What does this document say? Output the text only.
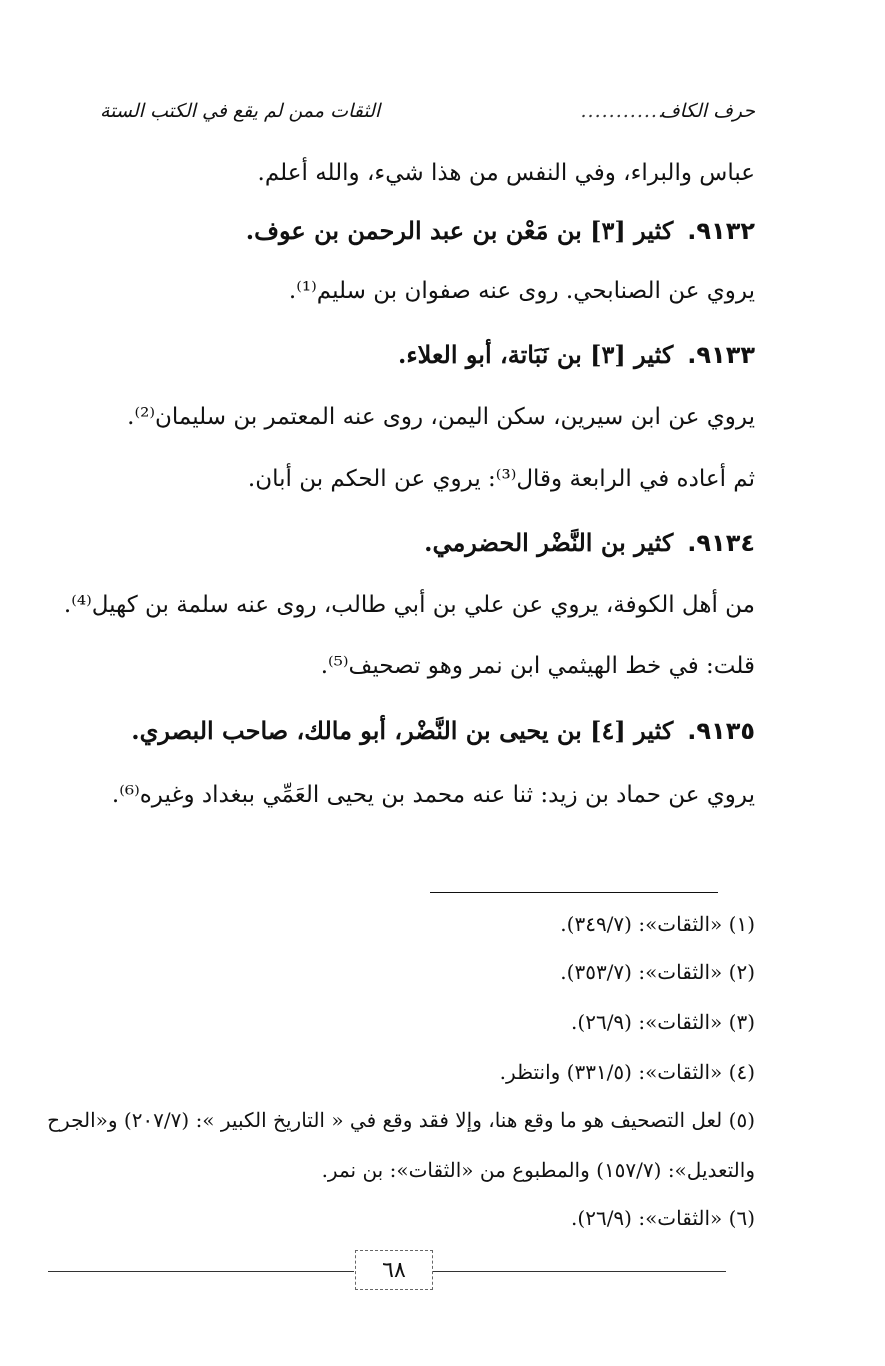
حرف الكاف
............
الثقات ممن لم يقع في الكتب الستة
عباس والبراء، وفي النفس من هذا شيء، والله أعلم.
٩١٣٢.كثير [٣] بن مَعْن بن عبد الرحمن بن عوف.
يروي عن الصنابحي. روى عنه صفوان بن سليم⁽¹⁾.
٩١٣٣.كثير [٣] بن نَبَاتة، أبو العلاء.
يروي عن ابن سيرين، سكن اليمن، روى عنه المعتمر بن سليمان⁽²⁾.
ثم أعاده في الرابعة وقال⁽³⁾: يروي عن الحكم بن أبان.
٩١٣٤.كثير بن النَّضْر الحضرمي.
من أهل الكوفة، يروي عن علي بن أبي طالب، روى عنه سلمة بن كهيل⁽⁴⁾.
قلت: في خط الهيثمي ابن نمر وهو تصحيف⁽⁵⁾.
٩١٣٥.كثير [٤] بن يحيى بن النَّضْر، أبو مالك، صاحب البصري.
يروي عن حماد بن زيد: ثنا عنه محمد بن يحيى العَمِّي ببغداد وغيره⁽⁶⁾.
(١) «الثقات»: (٣٤٩/٧).
(٢) «الثقات»: (٣٥٣/٧).
(٣) «الثقات»: (٢٦/٩).
(٤) «الثقات»: (٣٣١/٥) وانتظر.
(٥) لعل التصحيف هو ما وقع هنا، وإلا فقد وقع في « التاريخ الكبير »: (٢٠٧/٧) و«الجرح
والتعديل»: (١٥٧/٧) والمطبوع من «الثقات»: بن نمر.
(٦) «الثقات»: (٢٦/٩).
٦٨
